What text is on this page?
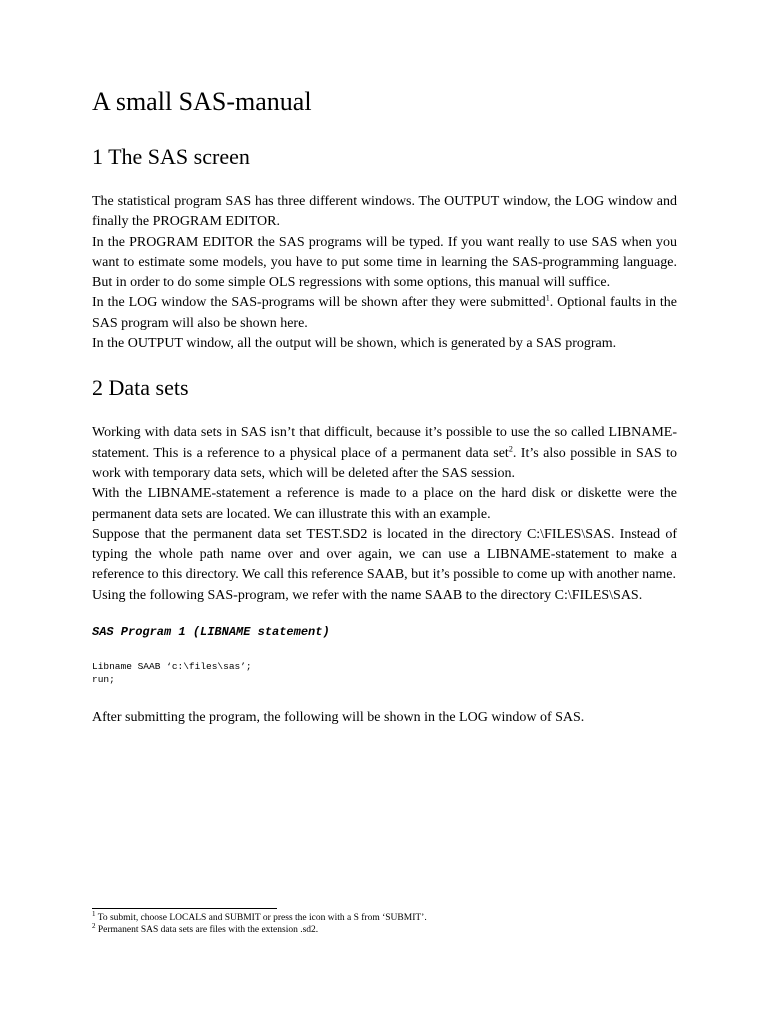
A small SAS-manual
1 The SAS screen

The statistical program SAS has three different windows. The OUTPUT window, the LOG window and finally the PROGRAM EDITOR.

In the PROGRAM EDITOR the SAS programs will be typed. If you want really to use SAS when you want to estimate some models, you have to put some time in learning the SAS-programming language. But in order to do some simple OLS regressions with some options, this manual will suffice.

In the LOG window the SAS-programs will be shown after they were submitted$^1$. Optional faults in the SAS program will also be shown here.

In the OUTPUT window, all the output will be shown, which is generated by a SAS program.

2 Data sets

Working with data sets in SAS isn’t that difficult, because it’s possible to use the so called LIBNAME-statement. This is a reference to a physical place of a permanent data set$^2$. It’s also possible in SAS to work with temporary data sets, which will be deleted after the SAS session.

With the LIBNAME-statement a reference is made to a place on the hard disk or diskette were the permanent data sets are located. We can illustrate this with an example.

Suppose that the permanent data set TEST.SD2 is located in the directory C:\FILES\SAS. Instead of typing the whole path name over and over again, we can use a LIBNAME-statement to make a reference to this directory. We call this reference SAAB, but it’s possible to come up with another name.

Using the following SAS-program, we refer with the name SAAB to the directory C:\FILES\SAS.

SAS Program 1 (LIBNAME statement)
Libname SAAB ‘c:\files\sas’;
run;

After submitting the program, the following will be shown in the LOG window of SAS.

$^1$ To submit, choose LOCALS and SUBMIT or press the icon with a S from ‘SUBMIT’.

$^2$ Permanent SAS data sets are files with the extension .sd2.
